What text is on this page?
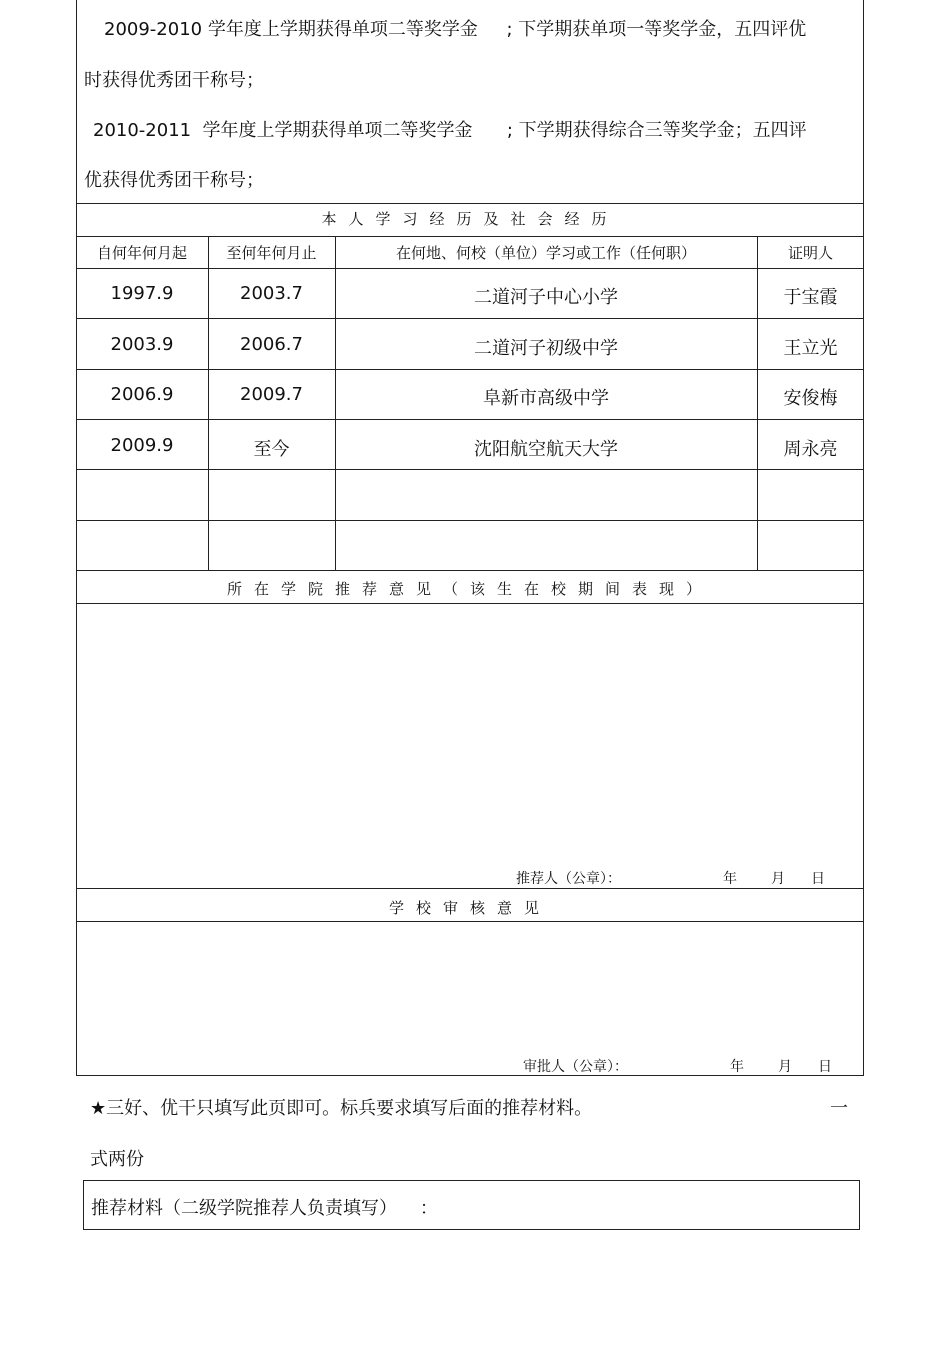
2009-2010 学年度上学期获得单项二等奖学金     ; 下学期获单项一等奖学金，五四评优
时获得优秀团干称号；
2010-2011  学年度上学期获得单项二等奖学金      ; 下学期获得综合三等奖学金；五四评
优获得优秀团干称号；
本人学习经历及社会经历
自何年何月起	至何年何月止	在何地、何校（单位）学习或工作（任何职）	证明人
1997.9	2003.7	二道河子中心小学	于宝霞
2003.9	2006.7	二道河子初级中学	王立光
2006.9	2009.7	阜新市高级中学	安俊梅
2009.9	至今	沈阳航空航天大学	周永亮
所在学院推荐意见（该生在校期间表现）
推荐人（公章）：	年 月 日
学校审核意见
审批人（公章）：	年 月 日
★三好、优干只填写此页即可。标兵要求填写后面的推荐材料。	一
式两份
推荐材料（二级学院推荐人负责填写）    ：
